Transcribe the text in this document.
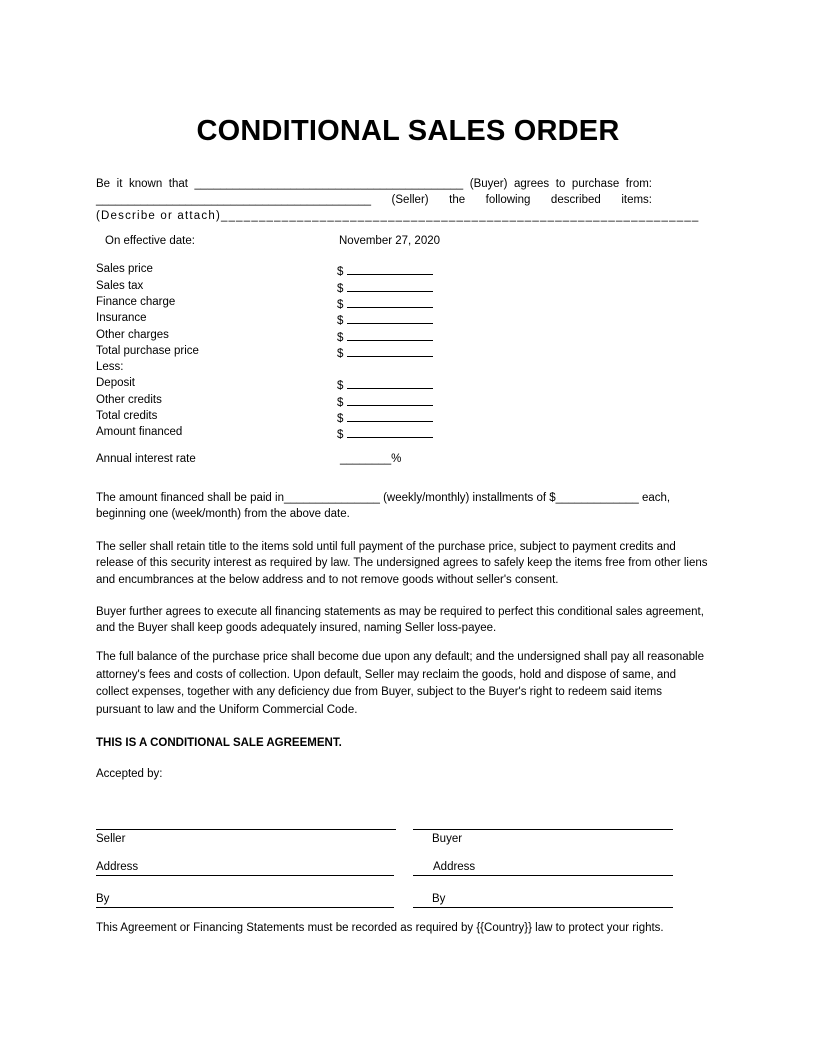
CONDITIONAL SALES ORDER
Be it known that __________________________________________ (Buyer) agrees to purchase from:
___________________________________________ (Seller) the following described items:
(Describe or attach)_______________________________________________________________
On effective date:	November 27, 2020
Sales price	$
Sales tax	$
Finance charge	$
Insurance	$
Other charges	$
Total purchase price	$
Less:
Deposit	$
Other credits	$
Total credits	$
Amount financed	$
Annual interest rate	________%
The amount financed shall be paid in_______________ (weekly/monthly) installments of $_____________ each, beginning one (week/month) from the above date.
The seller shall retain title to the items sold until full payment of the purchase price, subject to payment credits and release of this security interest as required by law. The undersigned agrees to safely keep the items free from other liens and encumbrances at the below address and to not remove goods without seller's consent.
Buyer further agrees to execute all financing statements as may be required to perfect this conditional sales agreement, and the Buyer shall keep goods adequately insured, naming Seller loss-payee.
The full balance of the purchase price shall become due upon any default; and the undersigned shall pay all reasonable attorney's fees and costs of collection. Upon default, Seller may reclaim the goods, hold and dispose of same, and collect expenses, together with any deficiency due from Buyer, subject to the Buyer's right to redeem said items pursuant to law and the Uniform Commercial Code.
THIS IS A CONDITIONAL SALE AGREEMENT.
Accepted by:
Seller	Buyer
Address	Address
By	By
This Agreement or Financing Statements must be recorded as required by {{Country}} law to protect your rights.
